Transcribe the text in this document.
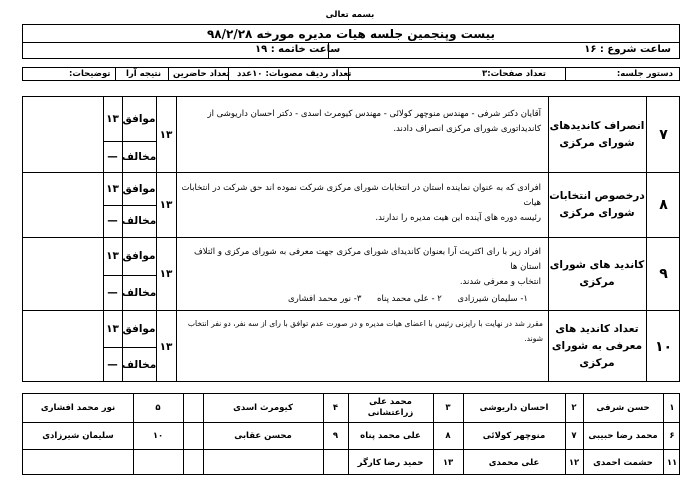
بسمه تعالی
بیست وپنجمین جلسه هیات مدیره مورخه ۹۸/۲/۲۸
ساعت شروع : ۱۶
ساعت خاتمه : ۱۹
دستور جلسه:
تعداد صفحات:۳
تعداد ردیف مصوبات: ۱۰عدد
تعداد حاضرین
نتیجه آرا
توضیحات:
۷
انصراف کاندیدهای شورای مرکزی
آقایان دکتر شرفی - مهندس منوچهر کولائی - مهندس کیومرث اسدی - دکتر احسان داریوشی از
کاندیداتوری شورای مرکزی انصراف دادند.
۱۳
موافق
۱۳
مخالف
—
۸
درخصوص انتخابات شورای مرکزی
افرادی که به عنوان نماینده استان در انتخابات شورای مرکزی شرکت نموده اند حق شرکت در انتخابات هیات
رئیسه دوره های آینده این هیت مدیره را ندارند.
۱۳
موافق
۱۳
مخالف
—
۹
کاندید های شورای مرکزی
افراد زیر با رای اکثریت آرا بعنوان کاندیدای شورای مرکزی جهت معرفی به شورای مرکزی و ائتلاف استان ها
انتخاب و معرفی شدند.
۱- سلیمان شیرزادی
۲ - علی محمد پناه
۳- نور محمد افشاری
۱۳
موافق
۱۳
مخالف
—
۱۰
تعداد کاندید های معرفی به شورای مرکزی
مقرر شد در نهایت با رایزنی رئیس با اعضای هیات مدیره و در صورت عدم توافق با رای از سه نفر، دو نفر انتخاب شوند.
۱۳
موافق
۱۳
مخالف
—
۱
حسن شرفی
۲
احسان داریوشی
۳
محمد علی زراعتشانی
۴
کیومرث اسدی
۵
نور محمد افشاری
۶
محمد رضا حبیبی
۷
منوچهر کولائی
۸
علی محمد پناه
۹
محسن عقابی
۱۰
سلیمان شیرزادی
۱۱
حشمت احمدی
۱۲
علی محمدی
۱۳
حمید رضا کارگر
